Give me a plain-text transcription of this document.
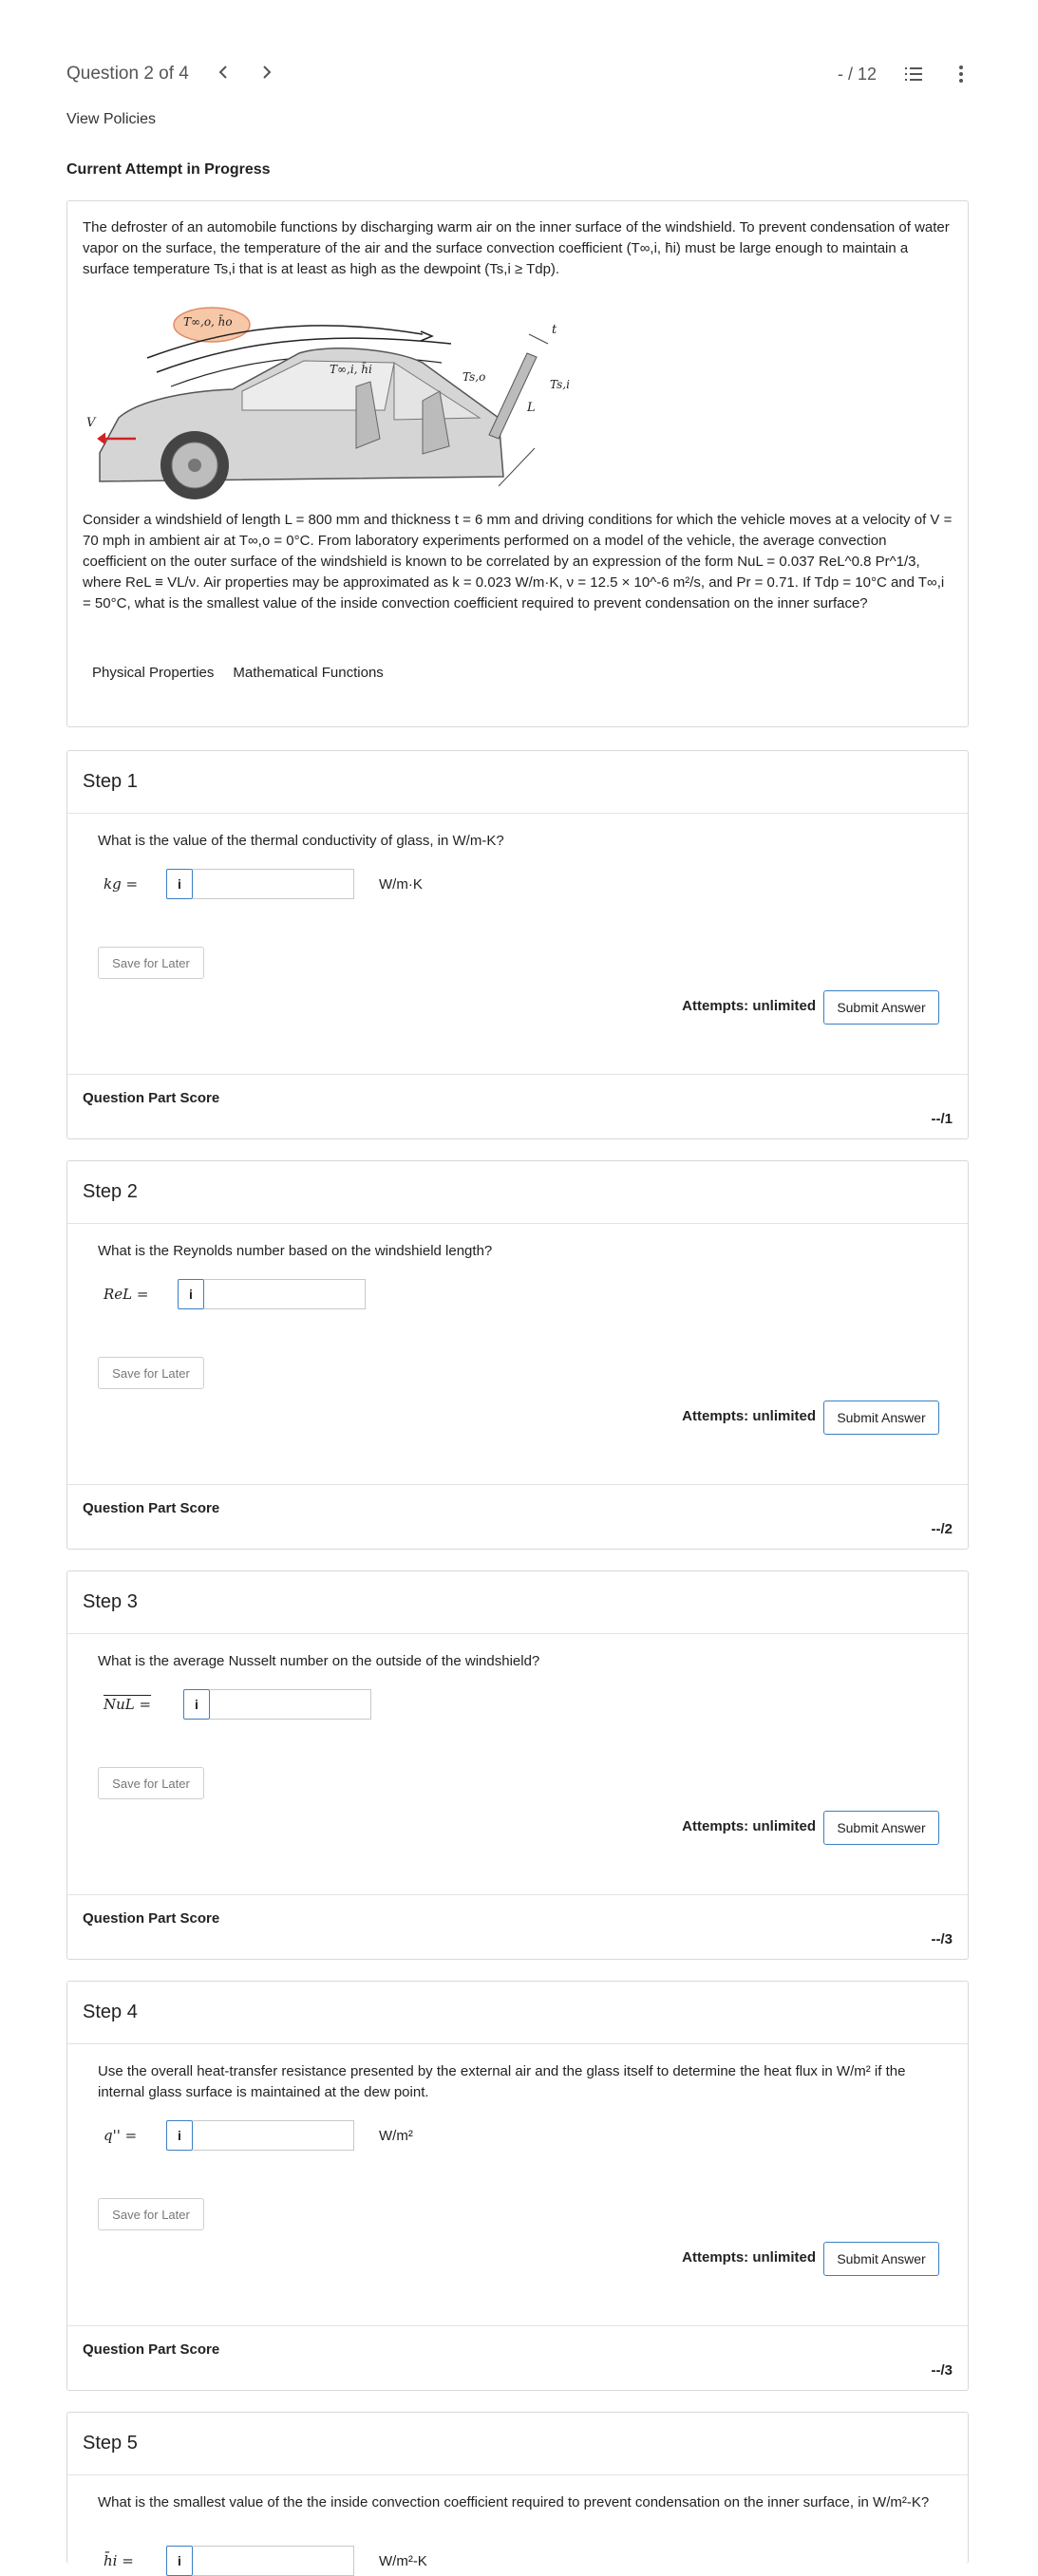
Question 2 of 4	- / 12
View Policies
Current Attempt in Progress
The defroster of an automobile functions by discharging warm air on the inner surface of the windshield. To prevent condensation of water vapor on the surface, the temperature of the air and the surface convection coefficient (T∞,i, h̄i) must be large enough to maintain a surface temperature Ts,i that is at least as high as the dewpoint (Ts,i ≥ Tdp).
T∞,o, h̄o
T∞,i, h̄i
V
Ts,o
Ts,i
L
t
Consider a windshield of length L = 800 mm and thickness t = 6 mm and driving conditions for which the vehicle moves at a velocity of V = 70 mph in ambient air at T∞,o = 0°C. From laboratory experiments performed on a model of the vehicle, the average convection coefficient on the outer surface of the windshield is known to be correlated by an expression of the form NuL = 0.037 ReL^0.8 Pr^1/3, where ReL ≡ VL/ν. Air properties may be approximated as k = 0.023 W/m·K, ν = 12.5 × 10^-6 m²/s, and Pr = 0.71. If Tdp = 10°C and T∞,i = 50°C, what is the smallest value of the inside convection coefficient required to prevent condensation on the inner surface?
Physical Properties Mathematical Functions
Step 1
What is the value of the thermal conductivity of glass, in W/m-K?
kg =	i	W/m·K
Save for Later
Attempts: unlimited	Submit Answer
Question Part Score
--/1
Step 2
What is the Reynolds number based on the windshield length?
ReL =	i
Save for Later
Attempts: unlimited	Submit Answer
Question Part Score
--/2
Step 3
What is the average Nusselt number on the outside of the windshield?
NuL =	i
Save for Later
Attempts: unlimited	Submit Answer
Question Part Score
--/3
Step 4
Use the overall heat-transfer resistance presented by the external air and the glass itself to determine the heat flux in W/m² if the internal glass surface is maintained at the dew point.
q'' =	i	W/m²
Save for Later
Attempts: unlimited	Submit Answer
Question Part Score
--/3
Step 5
What is the smallest value of the the inside convection coefficient required to prevent condensation on the inner surface, in W/m²-K?
h̄i =	i	W/m²-K
